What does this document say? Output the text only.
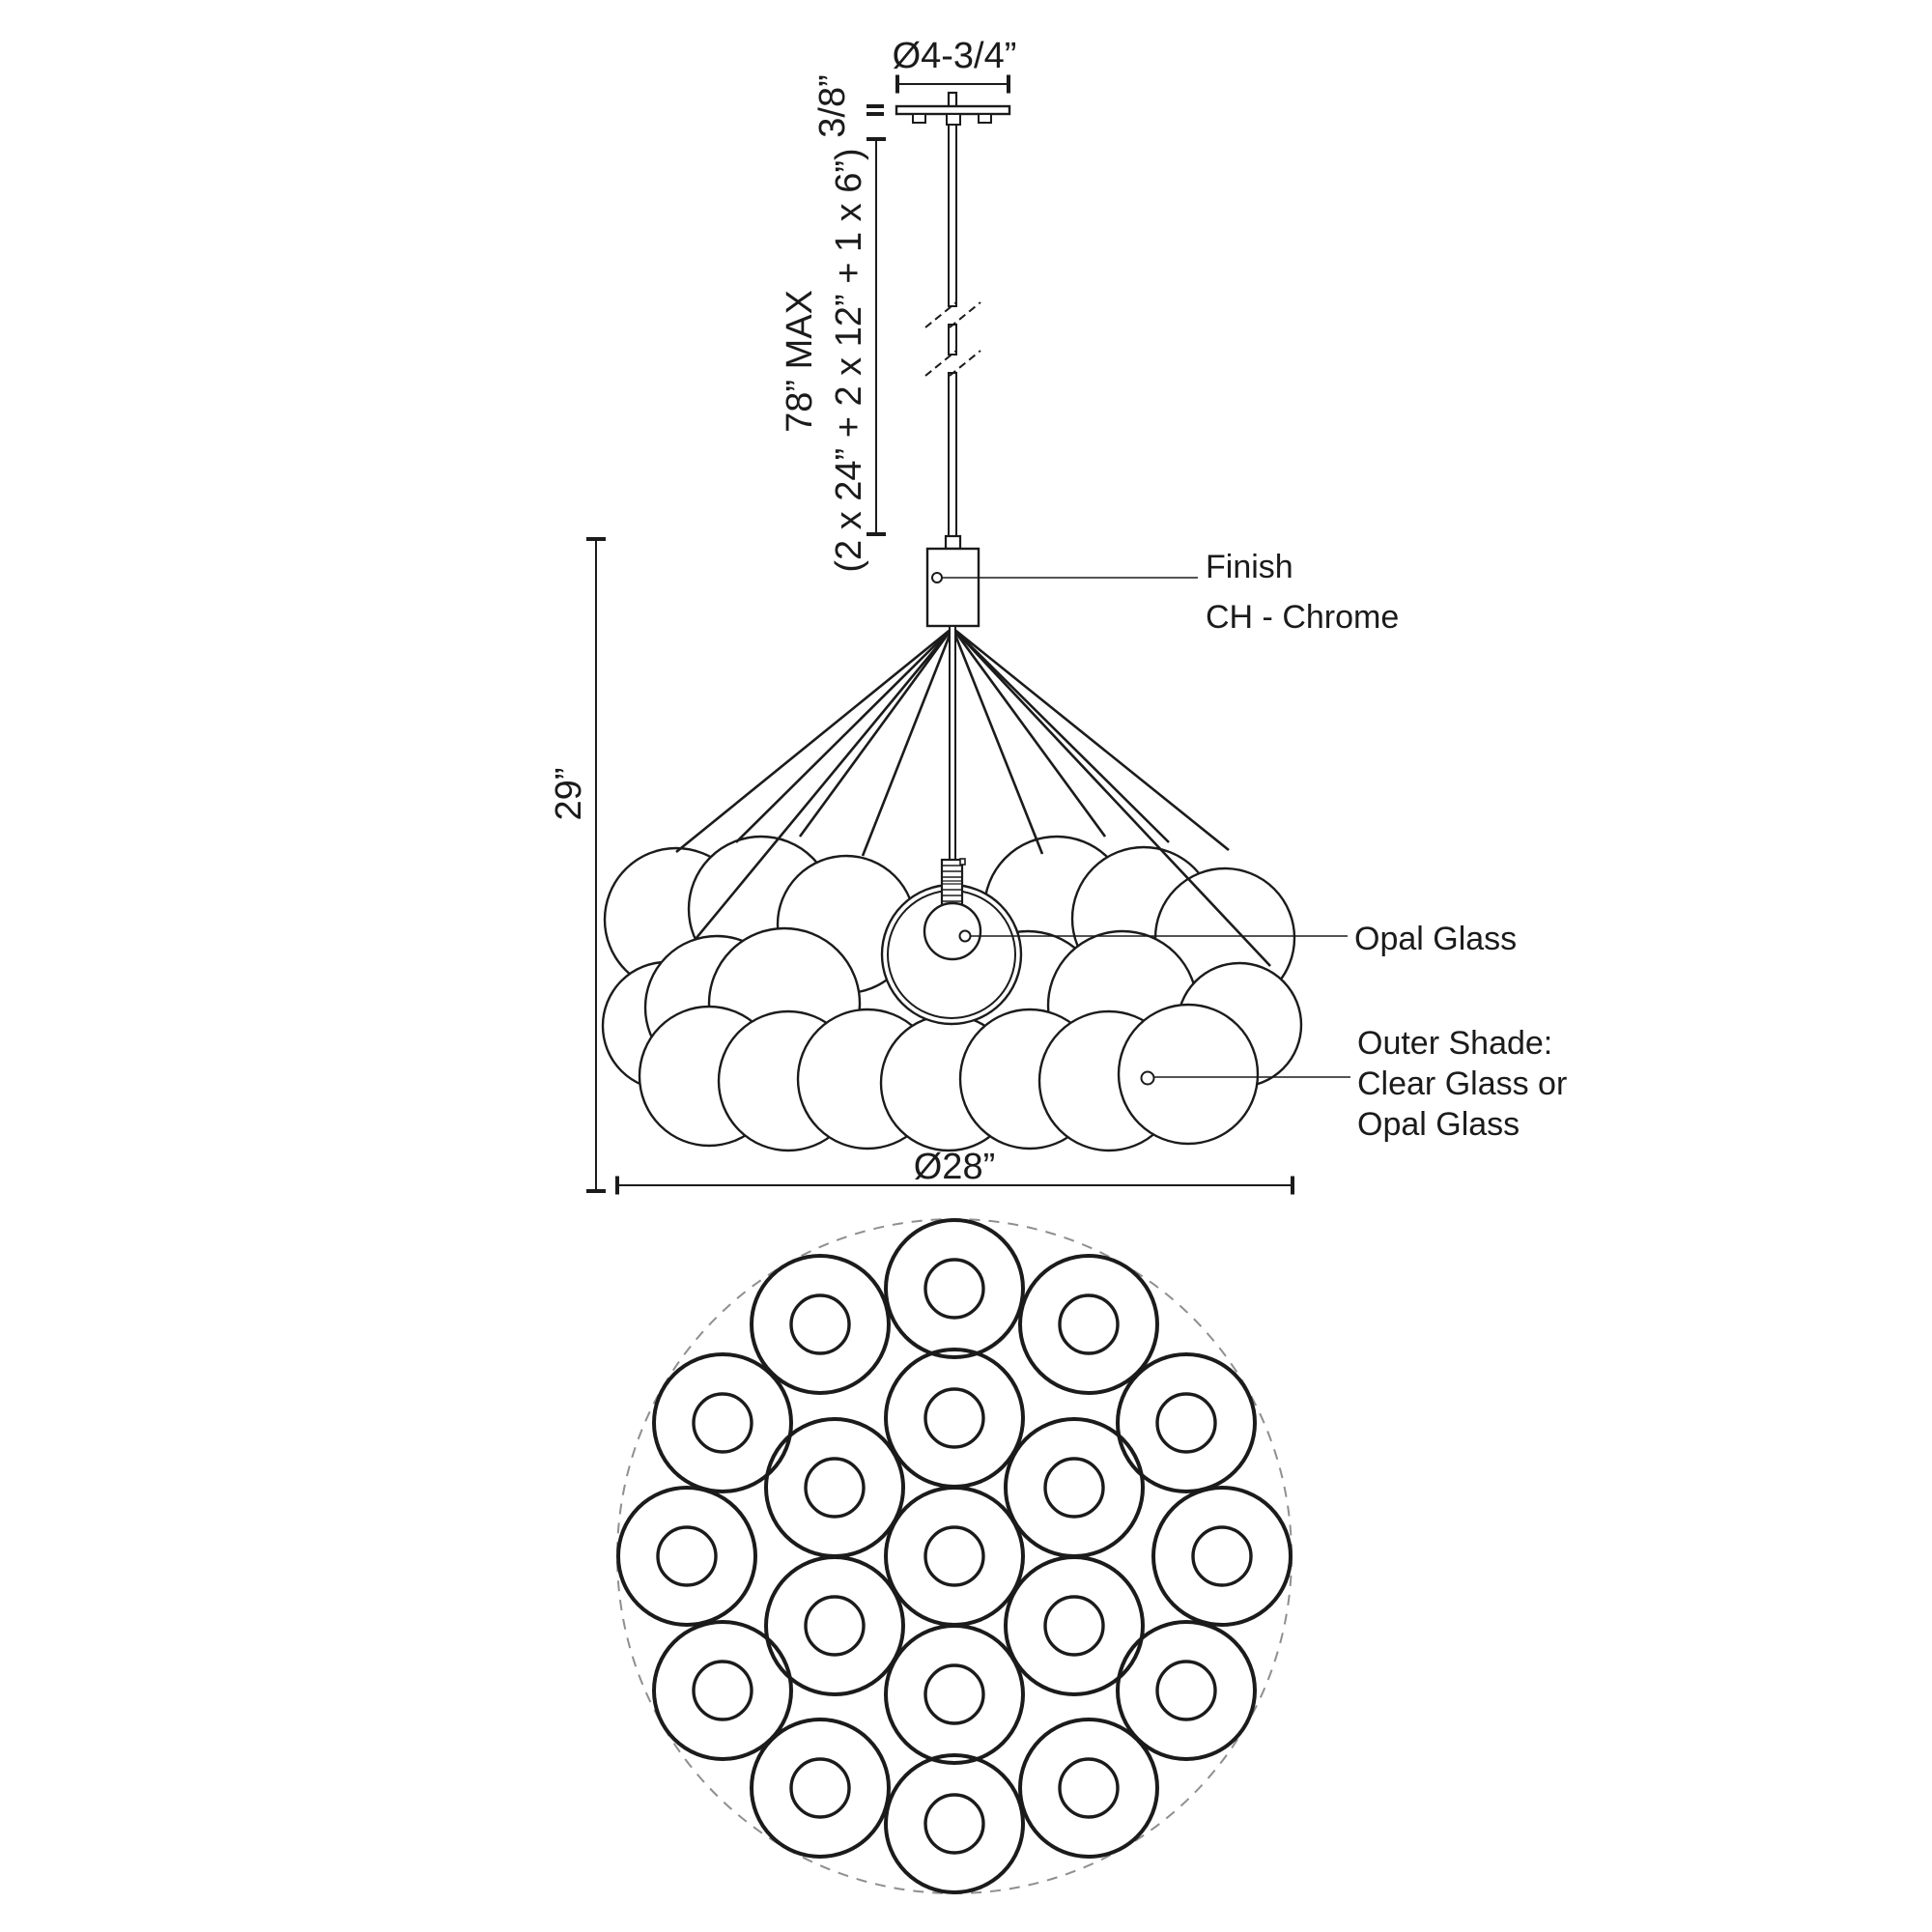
Ø4-3/4”
3/8”
78” MAX (2 x 24” + 2 x 12” + 1 x 6”)
29”
Finish
CH - Chrome
Opal Glass
Outer Shade:
Clear Glass or
Opal Glass
Ø28”
